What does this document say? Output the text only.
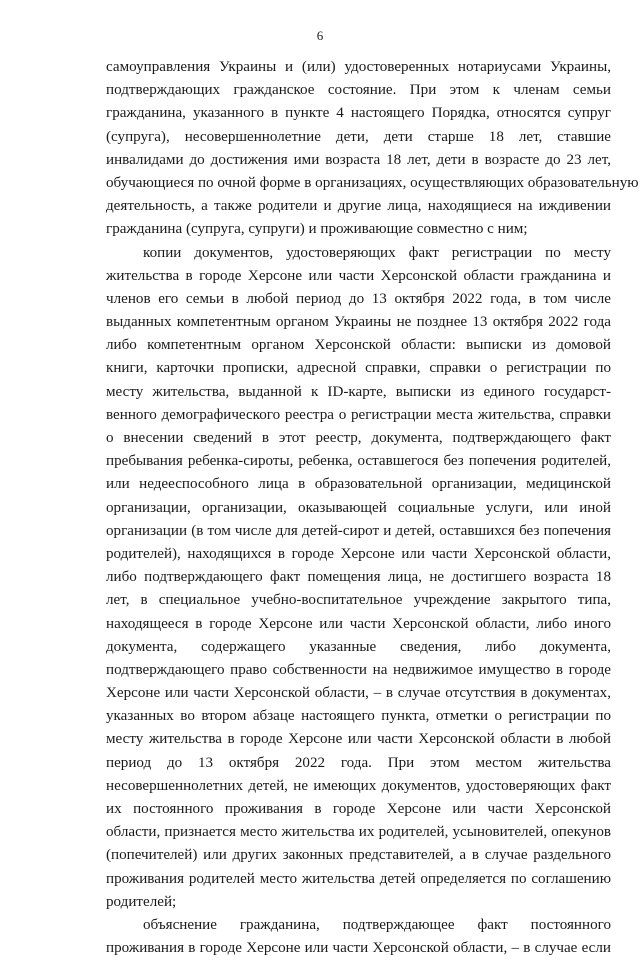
6
самоуправления Украины и (или) удостоверенных нотариусами Украины,
подтверждающих гражданское состояние. При этом к членам семьи
гражданина, указанного в пункте 4 настоящего Порядка, относятся супруг
(супруга), несовершеннолетние дети, дети старше 18 лет, ставшие
инвалидами до достижения ими возраста 18 лет, дети в возрасте до 23 лет,
обучающиеся по очной форме в организациях, осуществляющих образовательную
деятельность, а также родители и другие лица, находящиеся на иждивении
гражданина (супруга, супруги) и проживающие совместно с ним;
копии документов, удостоверяющих факт регистрации по месту
жительства в городе Херсоне или части Херсонской области гражданина и
членов его семьи в любой период до 13 октября 2022 года, в том числе
выданных компетентным органом Украины не позднее 13 октября 2022 года
либо компетентным органом Херсонской области: выписки из домовой
книги, карточки прописки, адресной справки, справки о регистрации по
месту жительства, выданной к ID-карте, выписки из единого государст-
венного демографического реестра о регистрации места жительства, справки
о внесении сведений в этот реестр, документа, подтверждающего факт
пребывания ребенка-сироты, ребенка, оставшегося без попечения родителей,
или недееспособного лица в образовательной организации, медицинской
организации, организации, оказывающей социальные услуги, или иной
организации (в том числе для детей-сирот и детей, оставшихся без попечения
родителей), находящихся в городе Херсоне или части Херсонской области,
либо подтверждающего факт помещения лица, не достигшего возраста 18
лет, в специальное учебно-воспитательное учреждение закрытого типа,
находящееся в городе Херсоне или части Херсонской области, либо иного
документа, содержащего указанные сведения, либо документа,
подтверждающего право собственности на недвижимое имущество в городе
Херсоне или части Херсонской области, – в случае отсутствия в документах,
указанных во втором абзаце настоящего пункта, отметки о регистрации по
месту жительства в городе Херсоне или части Херсонской области в любой
период до 13 октября 2022 года. При этом местом жительства
несовершеннолетних детей, не имеющих документов, удостоверяющих факт
их постоянного проживания в городе Херсоне или части Херсонской
области, признается место жительства их родителей, усыновителей, опекунов
(попечителей) или других законных представителей, а в случае раздельного
проживания родителей место жительства детей определяется по соглашению
родителей;
объяснение гражданина, подтверждающее факт постоянного
проживания в городе Херсоне или части Херсонской области, – в случае если
